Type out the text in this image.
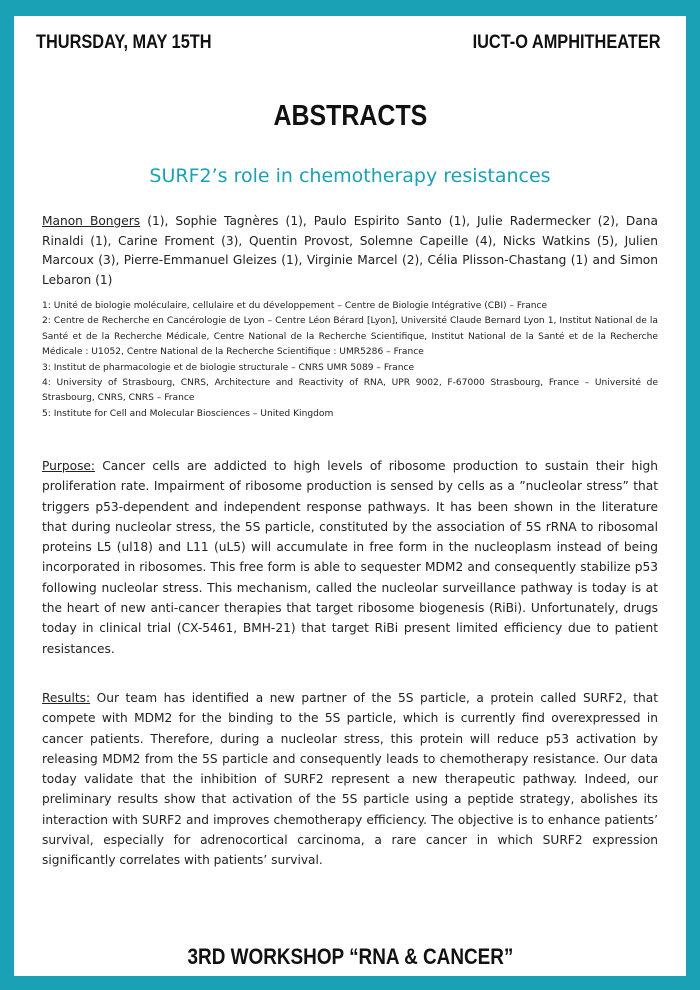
THURSDAY, MAY 15TH	IUCT-O AMPHITHEATER
ABSTRACTS
SURF2’s role in chemotherapy resistances
Manon Bongers (1), Sophie Tagnères (1), Paulo Espirito Santo (1), Julie Radermecker (2), Dana Rinaldi (1), Carine Froment (3), Quentin Provost, Solemne Capeille (4), Nicks Watkins (5), Julien Marcoux (3), Pierre-Emmanuel Gleizes (1), Virginie Marcel (2), Célia Plisson-Chastang (1) and Simon Lebaron (1)
1: Unité de biologie moléculaire, cellulaire et du développement – Centre de Biologie Intégrative (CBI) – France
2: Centre de Recherche en Cancérologie de Lyon – Centre Léon Bérard [Lyon], Université Claude Bernard Lyon 1, Institut National de la Santé et de la Recherche Médicale, Centre National de la Recherche Scientifique, Institut National de la Santé et de la Recherche Médicale : U1052, Centre National de la Recherche Scientifique : UMR5286 – France
3: Institut de pharmacologie et de biologie structurale – CNRS UMR 5089 – France
4: University of Strasbourg, CNRS, Architecture and Reactivity of RNA, UPR 9002, F-67000 Strasbourg, France – Université de Strasbourg, CNRS, CNRS – France
5: Institute for Cell and Molecular Biosciences – United Kingdom
Purpose: Cancer cells are addicted to high levels of ribosome production to sustain their high proliferation rate. Impairment of ribosome production is sensed by cells as a ”nucleolar stress” that triggers p53-dependent and independent response pathways. It has been shown in the literature that during nucleolar stress, the 5S particle, constituted by the association of 5S rRNA to ribosomal proteins L5 (ul18) and L11 (uL5) will accumulate in free form in the nucleoplasm instead of being incorporated in ribosomes. This free form is able to sequester MDM2 and consequently stabilize p53 following nucleolar stress. This mechanism, called the nucleolar surveillance pathway is today is at the heart of new anti-cancer therapies that target ribosome biogenesis (RiBi). Unfortunately, drugs today in clinical trial (CX-5461, BMH-21) that target RiBi present limited efficiency due to patient resistances.
Results: Our team has identified a new partner of the 5S particle, a protein called SURF2, that compete with MDM2 for the binding to the 5S particle, which is currently find overexpressed in cancer patients. Therefore, during a nucleolar stress, this protein will reduce p53 activation by releasing MDM2 from the 5S particle and consequently leads to chemotherapy resistance. Our data today validate that the inhibition of SURF2 represent a new therapeutic pathway. Indeed, our preliminary results show that activation of the 5S particle using a peptide strategy, abolishes its interaction with SURF2 and improves chemotherapy efficiency. The objective is to enhance patients’ survival, especially for adrenocortical carcinoma, a rare cancer in which SURF2 expression significantly correlates with patients’ survival.
3RD WORKSHOP “RNA & CANCER”
